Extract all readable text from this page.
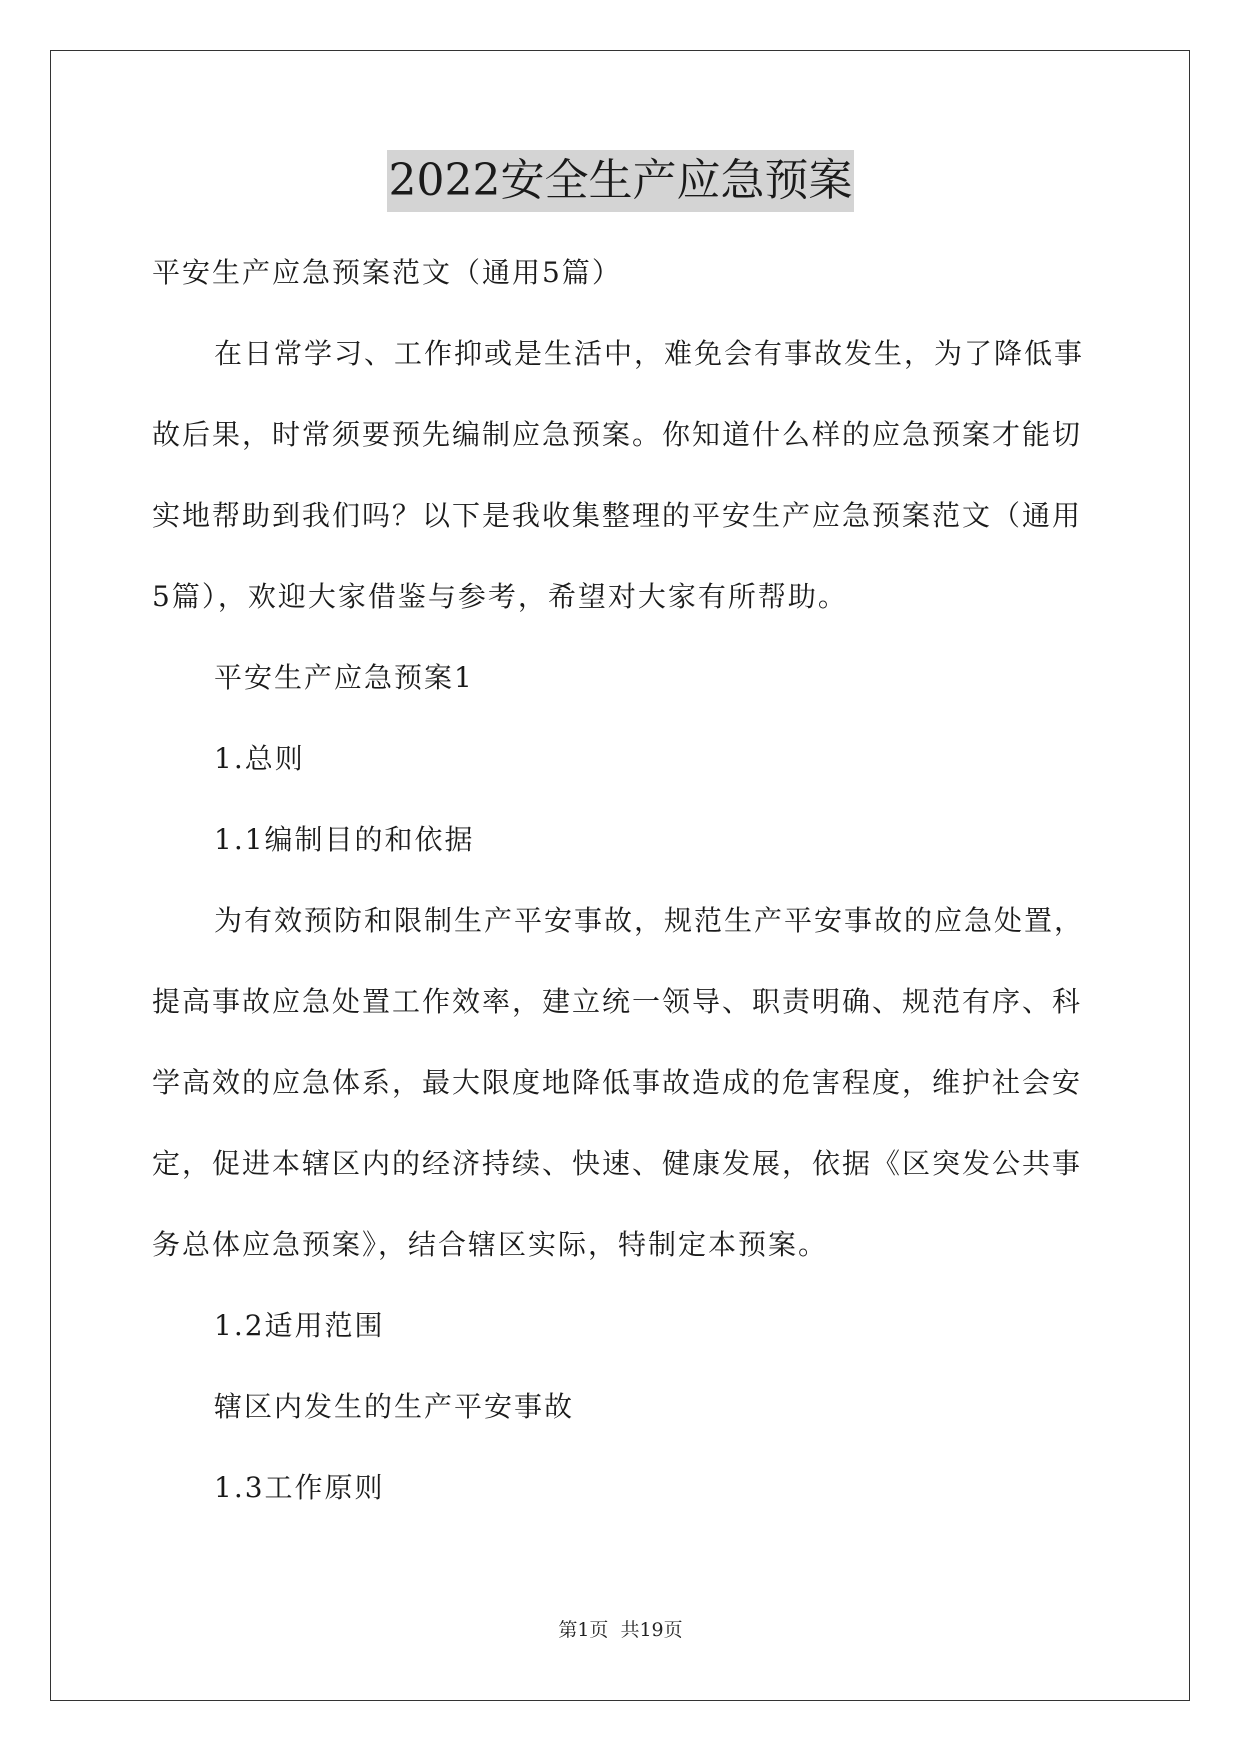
2022安全生产应急预案

平安生产应急预案范文（通用5篇）

在日常学习、工作抑或是生活中，难免会有事故发生，为了降低事故后果，时常须要预先编制应急预案。你知道什么样的应急预案才能切实地帮助到我们吗？以下是我收集整理的平安生产应急预案范文（通用5篇），欢迎大家借鉴与参考，希望对大家有所帮助。

平安生产应急预案1

1.总则

1.1编制目的和依据

为有效预防和限制生产平安事故，规范生产平安事故的应急处置，提高事故应急处置工作效率，建立统一领导、职责明确、规范有序、科学高效的应急体系，最大限度地降低事故造成的危害程度，维护社会安定，促进本辖区内的经济持续、快速、健康发展，依据《区突发公共事务总体应急预案》，结合辖区实际，特制定本预案。

1.2适用范围

辖区内发生的生产平安事故

1.3工作原则

第1页 共19页
